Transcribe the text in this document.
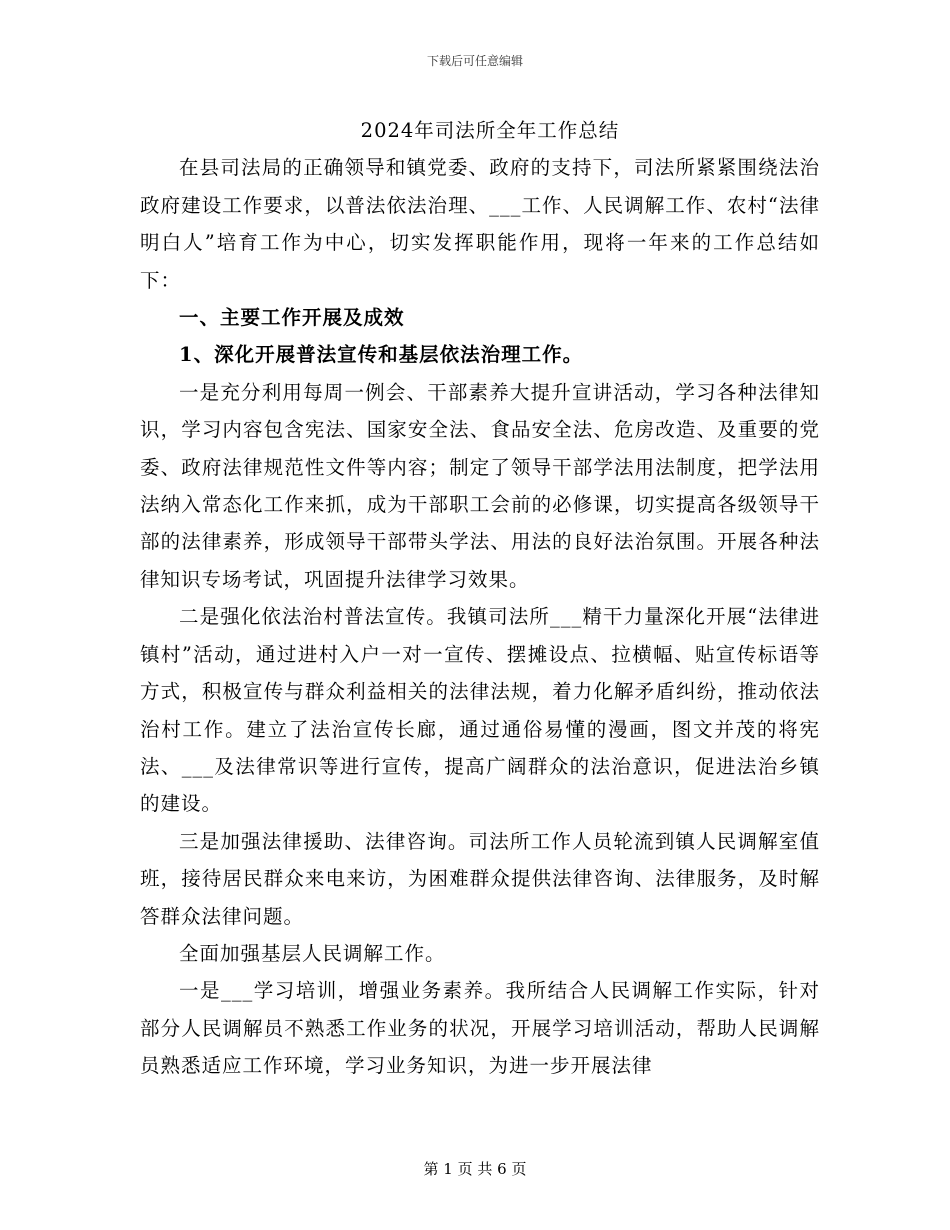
下载后可任意编辑
2024年司法所全年工作总结

在县司法局的正确领导和镇党委、政府的支持下，司法所紧紧围绕法治政府建设工作要求，以普法依法治理、___工作、人民调解工作、农村“法律明白人”培育工作为中心，切实发挥职能作用，现将一年来的工作总结如下：

一、主要工作开展及成效

1、深化开展普法宣传和基层依法治理工作。

一是充分利用每周一例会、干部素养大提升宣讲活动，学习各种法律知识，学习内容包含宪法、国家安全法、食品安全法、危房改造、及重要的党委、政府法律规范性文件等内容；制定了领导干部学法用法制度，把学法用法纳入常态化工作来抓，成为干部职工会前的必修课，切实提高各级领导干部的法律素养，形成领导干部带头学法、用法的良好法治氛围。开展各种法律知识专场考试，巩固提升法律学习效果。

二是强化依法治村普法宣传。我镇司法所___精干力量深化开展“法律进镇村”活动，通过进村入户一对一宣传、摆摊设点、拉横幅、贴宣传标语等方式，积极宣传与群众利益相关的法律法规，着力化解矛盾纠纷，推动依法治村工作。建立了法治宣传长廊，通过通俗易懂的漫画，图文并茂的将宪法、___及法律常识等进行宣传，提高广阔群众的法治意识，促进法治乡镇的建设。

三是加强法律援助、法律咨询。司法所工作人员轮流到镇人民调解室值班，接待居民群众来电来访，为困难群众提供法律咨询、法律服务，及时解答群众法律问题。

全面加强基层人民调解工作。

一是___学习培训，增强业务素养。我所结合人民调解工作实际，针对部分人民调解员不熟悉工作业务的状况，开展学习培训活动，帮助人民调解员熟悉适应工作环境，学习业务知识，为进一步开展法律

第 1 页 共 6 页
